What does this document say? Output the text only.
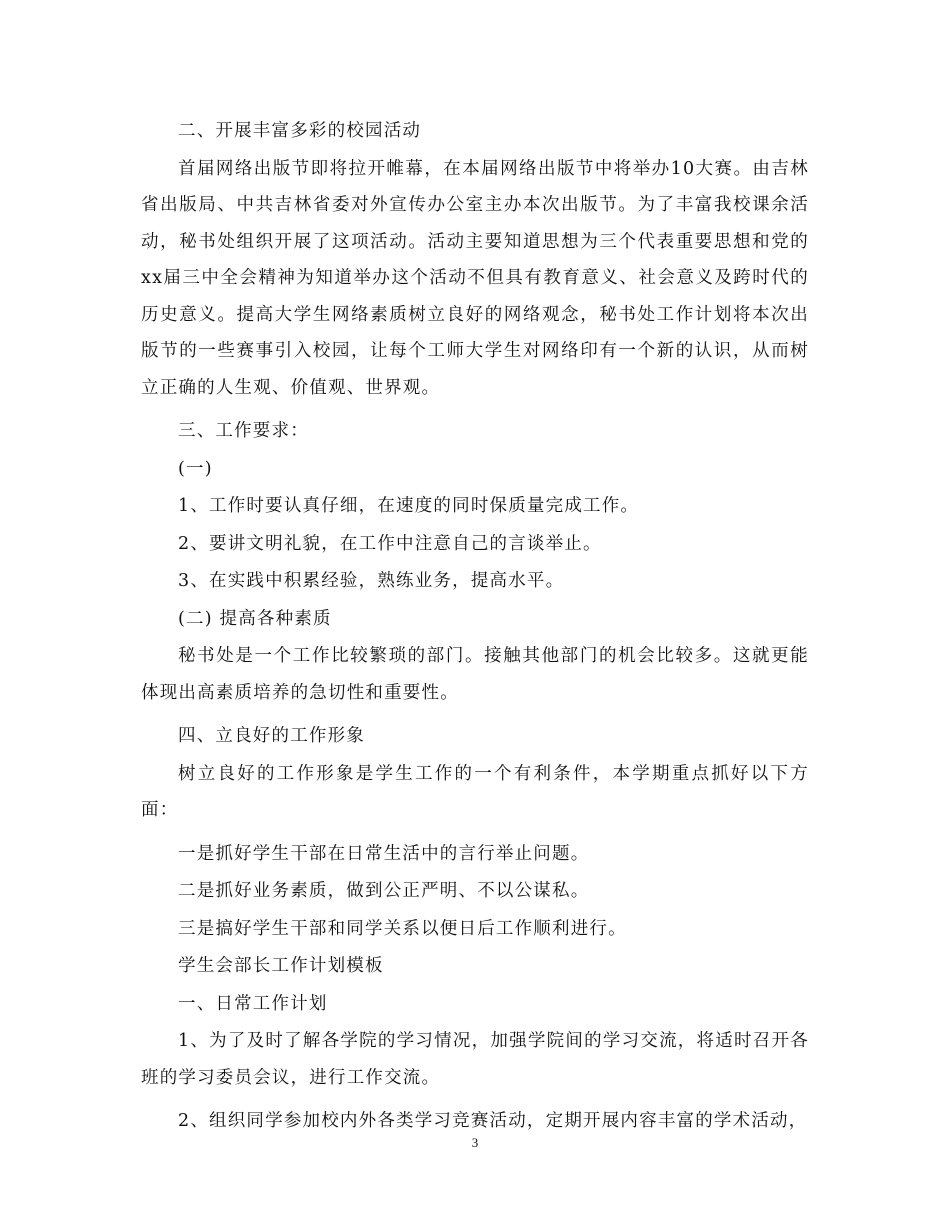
二、开展丰富多彩的校园活动

首届网络出版节即将拉开帷幕，在本届网络出版节中将举办10大赛。由吉林省出版局、中共吉林省委对外宣传办公室主办本次出版节。为了丰富我校课余活动，秘书处组织开展了这项活动。活动主要知道思想为三个代表重要思想和党的xx届三中全会精神为知道举办这个活动不但具有教育意义、社会意义及跨时代的历史意义。提高大学生网络素质树立良好的网络观念，秘书处工作计划将本次出版节的一些赛事引入校园，让每个工师大学生对网络印有一个新的认识，从而树立正确的人生观、价值观、世界观。

三、工作要求：

(一)

1、工作时要认真仔细，在速度的同时保质量完成工作。

2、要讲文明礼貌，在工作中注意自己的言谈举止。

3、在实践中积累经验，熟练业务，提高水平。

(二) 提高各种素质

秘书处是一个工作比较繁琐的部门。接触其他部门的机会比较多。这就更能体现出高素质培养的急切性和重要性。

四、立良好的工作形象

树立良好的工作形象是学生工作的一个有利条件，本学期重点抓好以下方面：

一是抓好学生干部在日常生活中的言行举止问题。

二是抓好业务素质，做到公正严明、不以公谋私。

三是搞好学生干部和同学关系以便日后工作顺利进行。

学生会部长工作计划模板

一、日常工作计划

1、为了及时了解各学院的学习情况，加强学院间的学习交流，将适时召开各班的学习委员会议，进行工作交流。

2、组织同学参加校内外各类学习竞赛活动，定期开展内容丰富的学术活动，

3
